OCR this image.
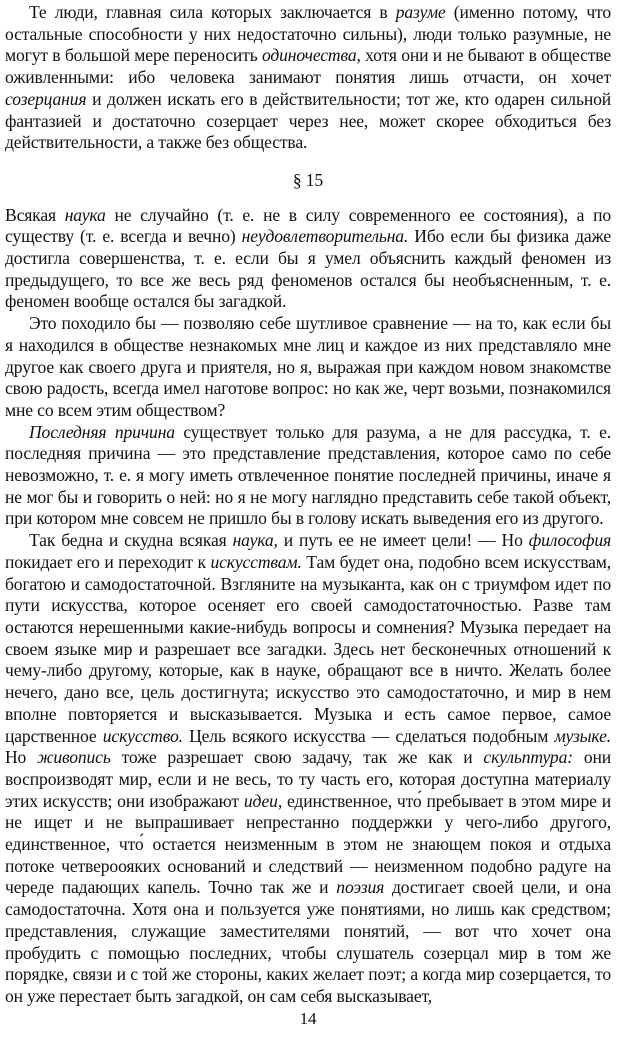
Те люди, главная сила которых заключается в разуме (именно потому, что остальные способности у них недостаточно сильны), люди только разумные, не могут в большой мере переносить одиночества, хотя они и не бывают в обществе оживленными: ибо человека занимают понятия лишь отчасти, он хочет созерцания и должен искать его в действительности; тот же, кто одарен сильной фантазией и достаточно созерцает через нее, может скорее обходиться без действительности, а также без общества.

§ 15

Всякая наука не случайно (т. е. не в силу современного ее состояния), а по существу (т. е. всегда и вечно) неудовлетворительна. Ибо если бы физика даже достигла совершенства, т. е. если бы я умел объяснить каждый феномен из предыдущего, то все же весь ряд феноменов остался бы необъясненным, т. е. феномен вообще остался бы загадкой.

Это походило бы — позволяю себе шутливое сравнение — на то, как если бы я находился в обществе незнакомых мне лиц и каждое из них представляло мне другое как своего друга и приятеля, но я, выражая при каждом новом знакомстве свою радость, всегда имел наготове вопрос: но как же, черт возьми, познакомился мне со всем этим обществом?

Последняя причина существует только для разума, а не для рассудка, т. е. последняя причина — это представление представления, которое само по себе невозможно, т. е. я могу иметь отвлеченное понятие последней причины, иначе я не мог бы и говорить о ней: но я не могу наглядно представить себе такой объект, при котором мне совсем не пришло бы в голову искать выведения его из другого.

Так бедна и скудна всякая наука, и путь ее не имеет цели! — Но философия покидает его и переходит к искусствам. Там будет она, подобно всем искусствам, богатою и самодостаточной. Взгляните на музыканта, как он с триумфом идет по пути искусства, которое осеняет его своей самодостаточностью. Разве там остаются нерешенными какие-нибудь вопросы и сомнения? Музыка передает на своем языке мир и разрешает все загадки. Здесь нет бесконечных отношений к чему-либо другому, которые, как в науке, обращают все в ничто. Желать более нечего, дано все, цель достигнута; искусство это самодостаточно, и мир в нем вполне повторяется и высказывается. Музыка и есть самое первое, самое царственное искусство. Цель всякого искусства — сделаться подобным музыке. Но живопись тоже разрешает свою задачу, так же как и скульптура: они воспроизводят мир, если и не весь, то ту часть его, которая доступна материалу этих искусств; они изображают идеи, единственное, что́ пребывает в этом мире и не ищет и не выпрашивает непрестанно поддержки у чего-либо другого, единственное, что́ остается неизменным в этом не знающем покоя и отдыха потоке четвероояких оснований и следствий — неизменном подобно радуге на череде падающих капель. Точно так же и поэзия достигает своей цели, и она самодостаточна. Хотя она и пользуется уже понятиями, но лишь как средством; представления, служащие заместителями понятий, — вот что хочет она пробудить с помощью последних, чтобы слушатель созерцал мир в том же порядке, связи и с той же стороны, каких желает поэт; а когда мир созерцается, то он уже перестает быть загадкой, он сам себя высказывает,

14
